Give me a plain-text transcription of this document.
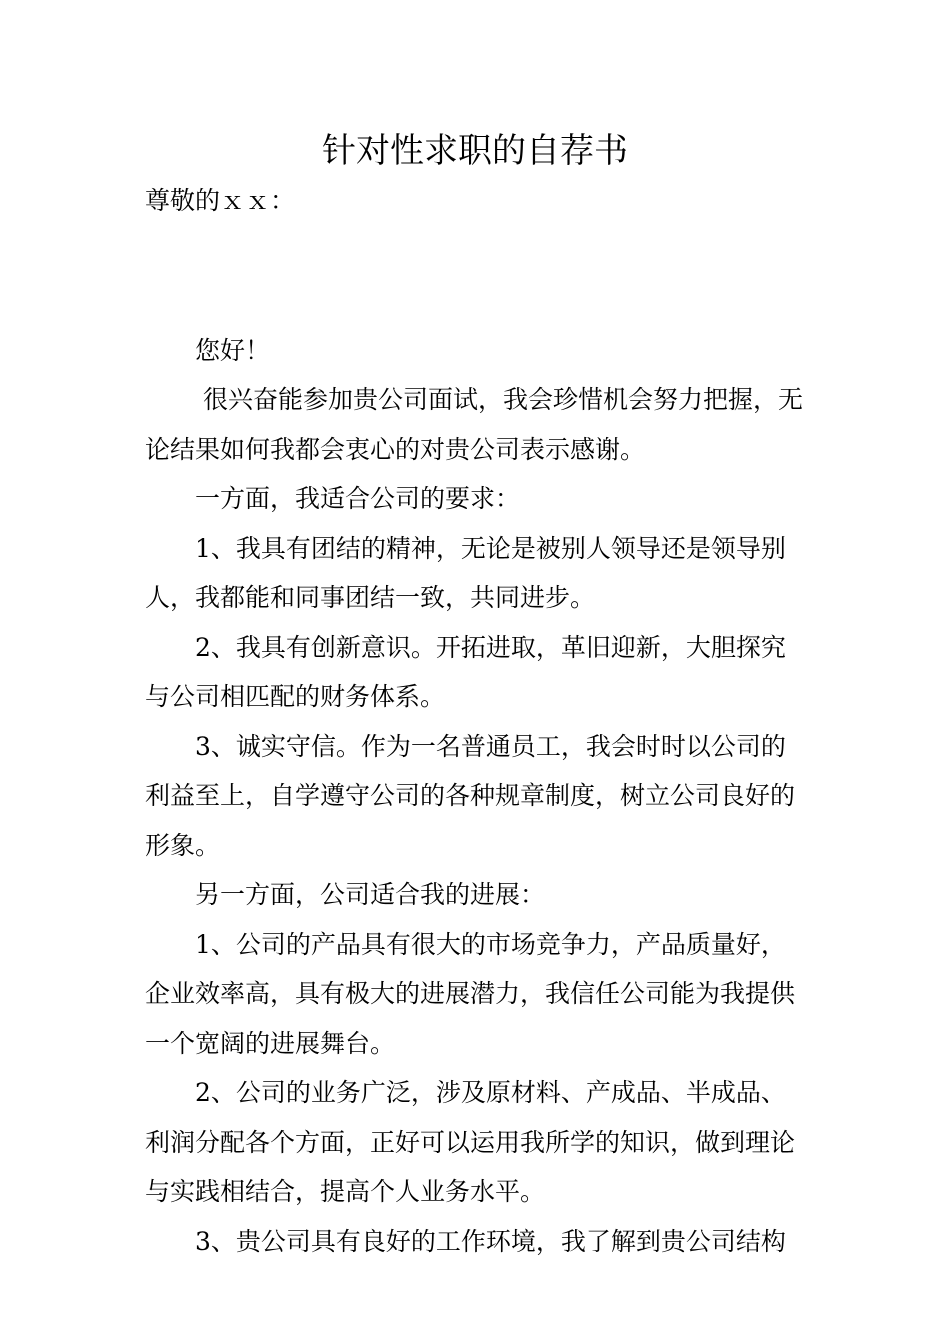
针对性求职的自荐书

尊敬的ｘｘ：

您好！

很兴奋能参加贵公司面试，我会珍惜机会努力把握，无论结果如何我都会衷心的对贵公司表示感谢。

一方面，我适合公司的要求：

1、我具有团结的精神，无论是被别人领导还是领导别人，我都能和同事团结一致，共同进步。

2、我具有创新意识。开拓进取，革旧迎新，大胆探究与公司相匹配的财务体系。

3、诚实守信。作为一名普通员工，我会时时以公司的利益至上，自学遵守公司的各种规章制度，树立公司良好的形象。

另一方面，公司适合我的进展：

1、公司的产品具有很大的市场竞争力，产品质量好，企业效率高，具有极大的进展潜力，我信任公司能为我提供一个宽阔的进展舞台。

2、公司的业务广泛，涉及原材料、产成品、半成品、利润分配各个方面，正好可以运用我所学的知识，做到理论与实践相结合，提高个人业务水平。

3、贵公司具有良好的工作环境，我了解到贵公司结构
